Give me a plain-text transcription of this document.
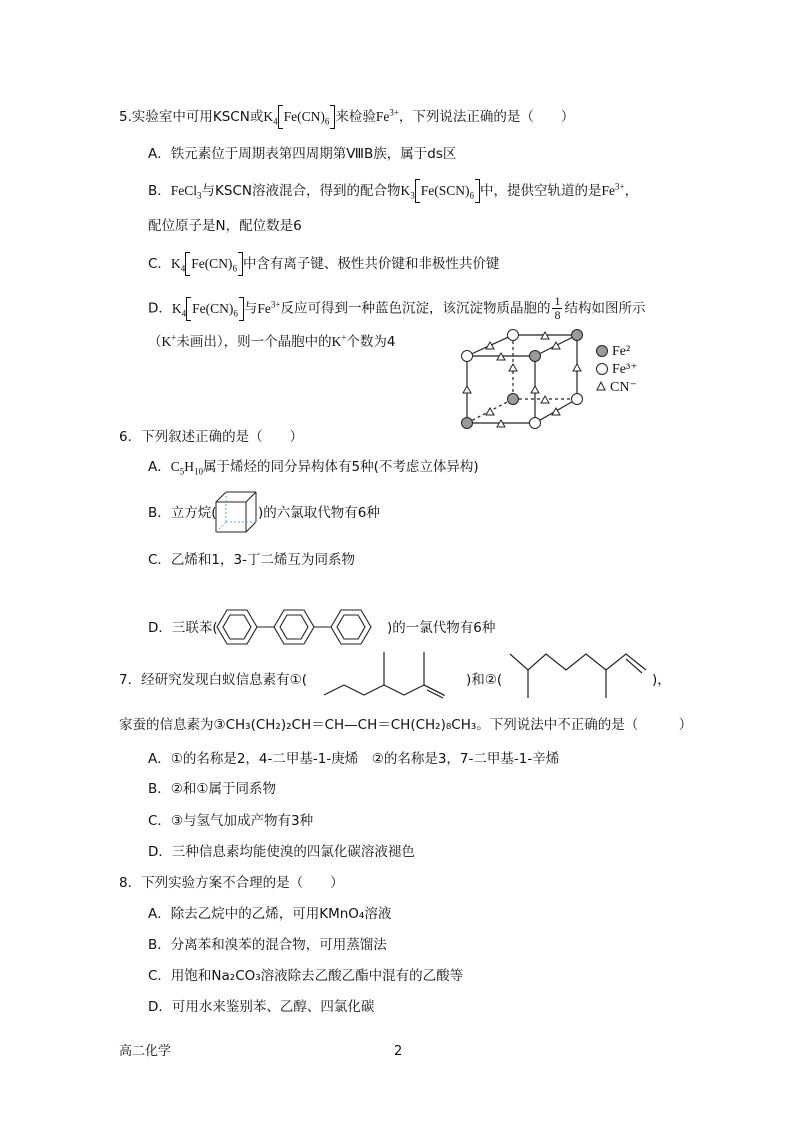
5.实验室中可用KSCN或$K_4$ $Fe(CN)_6$ 来检验$Fe^{3+}$，下列说法正确的是（　　）
A．铁元素位于周期表第四周期第ⅧB族，属于ds区
B．FeCl$_3$与KSCN溶液混合，得到的配合物$K_3$ $Fe(SCN)_6$ 中，提供空轨道的是$Fe^{3+}$，
配位原子是N，配位数是6
C．$K_4$ $Fe(CN)_6$ 中含有离子键、极性共价键和非极性共价键
D．$K_4$ $Fe(CN)_6$ 与$Fe^{3+}$反应可得到一种蓝色沉淀，该沉淀物质晶胞的 $\frac{1}{8}$ 结构如图所示
（K+未画出），则一个晶胞中的K+个数为4
Fe²
Fe³⁺
CN⁻
6．下列叙述正确的是（　　）
A．$C_5H_{10}$属于烯烃的同分异构体有5种(不考虑立体异构)
B．立方烷(	)的六氯取代物有6种
C．乙烯和1，3-丁二烯互为同系物
D．三联苯(	)的一氯代物有6种
7．经研究发现白蚁信息素有①(	)和②(	)，
家蚕的信息素为③CH₃(CH₂)₂CH＝CH—CH＝CH(CH₂)₈CH₃。下列说法中不正确的是（　　　）
A．①的名称是2，4-二甲基-1-庚烯　②的名称是3，7-二甲基-1-辛烯
B．②和①属于同系物
C．③与氢气加成产物有3种
D．三种信息素均能使溴的四氯化碳溶液褪色
8．下列实验方案不合理的是（　　）
A．除去乙烷中的乙烯，可用KMnO₄溶液
B．分离苯和溴苯的混合物，可用蒸馏法
C．用饱和Na₂CO₃溶液除去乙酸乙酯中混有的乙酸等
D．可用水来鉴别苯、乙醇、四氯化碳
高二化学	2
